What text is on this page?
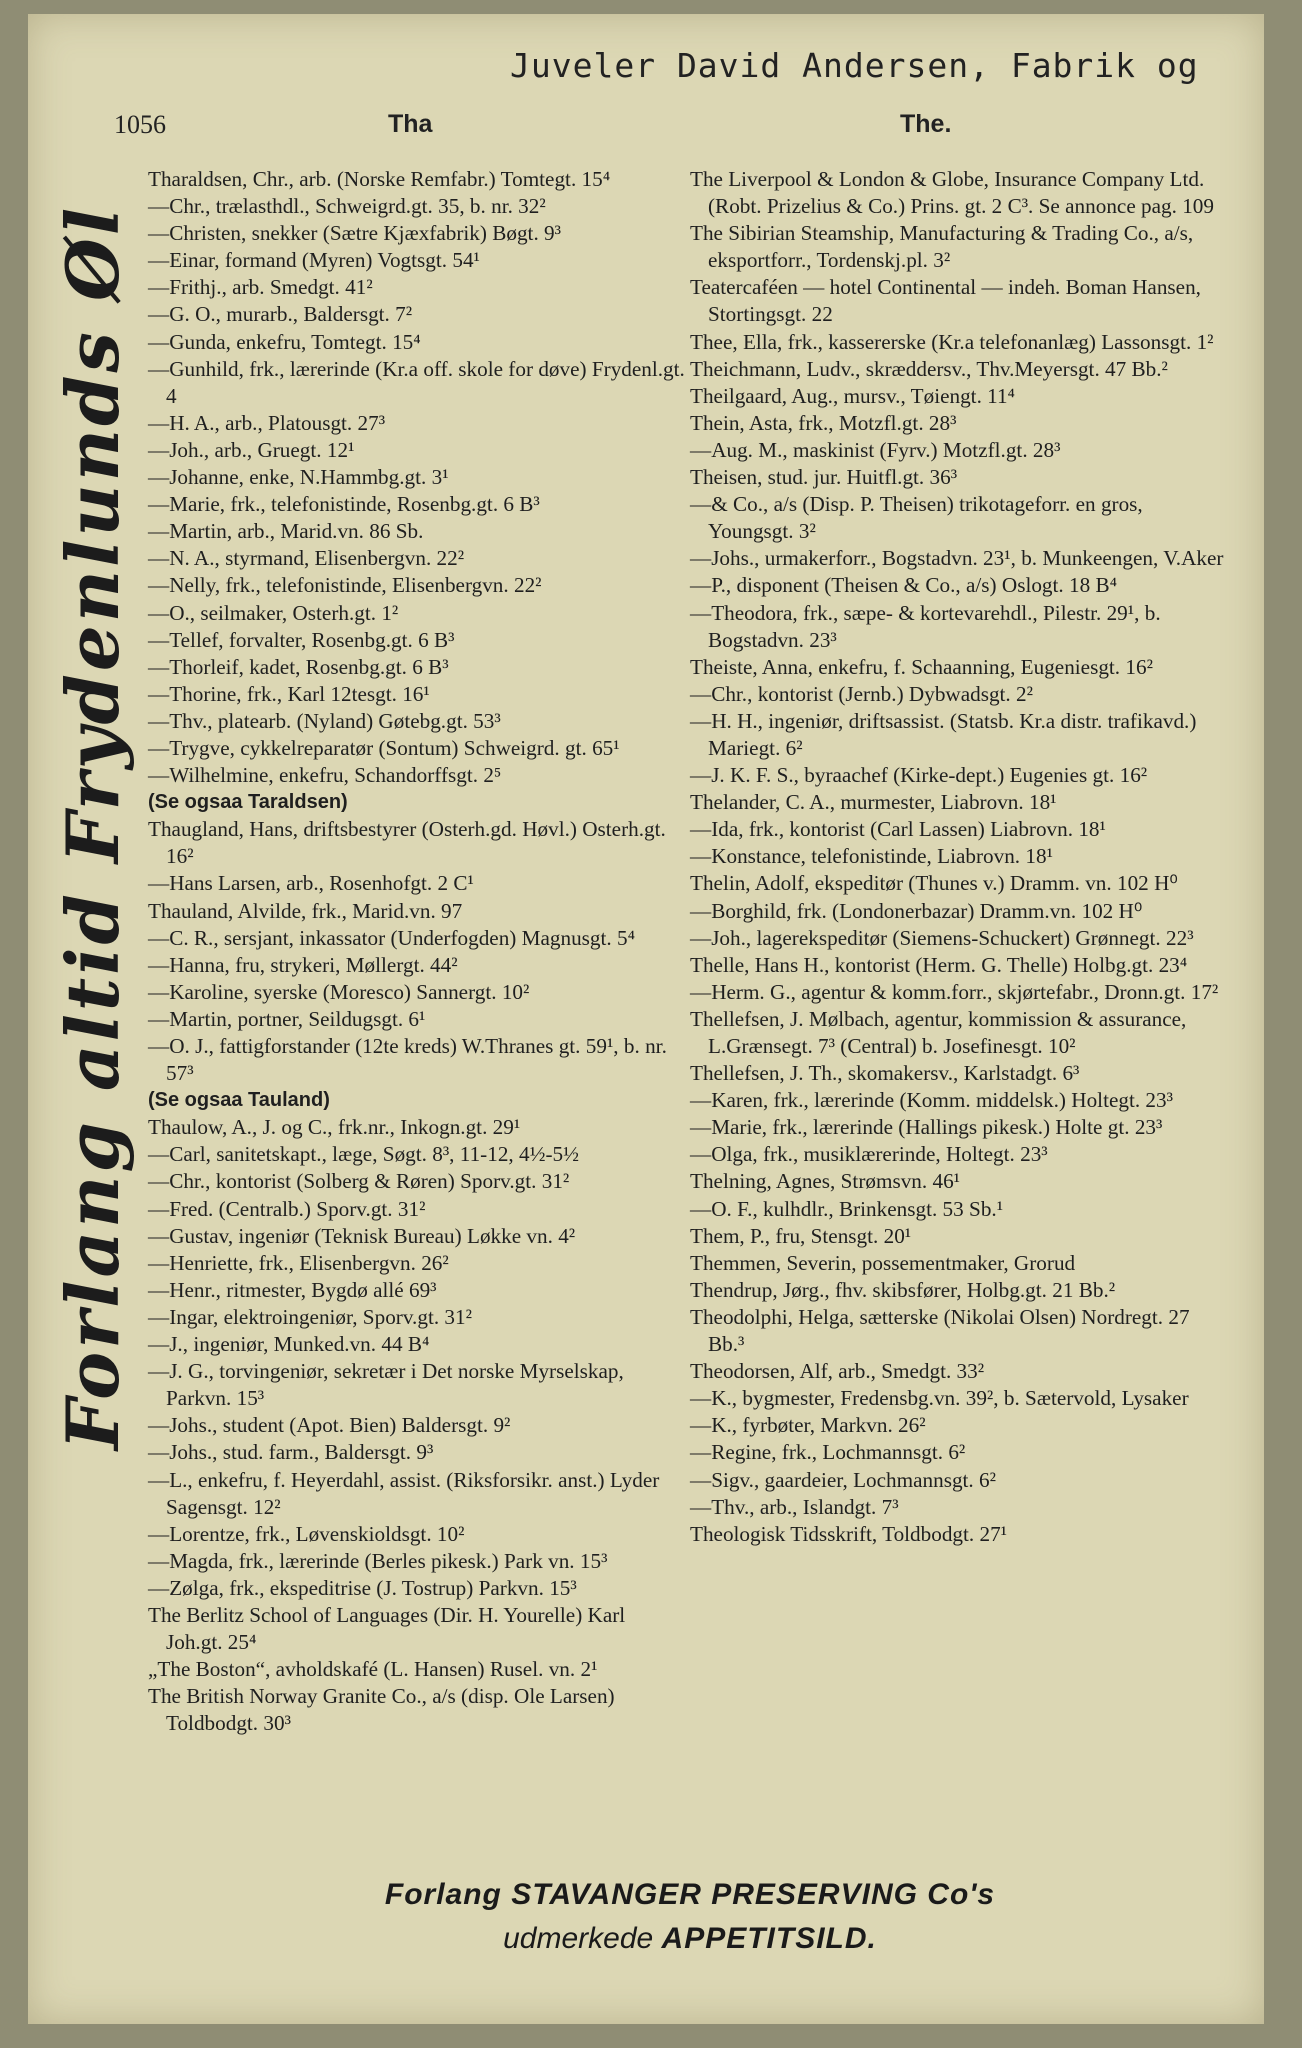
Juveler David Andersen, Fabrik og
1056	Tha	The.
Forlang altid Frydenlunds Øl

Tharaldsen, Chr., arb. (Norske Remfabr.) Tomtegt. 15⁴

—Chr., trælasthdl., Schweigrd.gt. 35, b. nr. 32²

—Christen, snekker (Sætre Kjæxfabrik) Bøgt. 9³

—Einar, formand (Myren) Vogtsgt. 54¹

—Frithj., arb. Smedgt. 41²

—G. O., murarb., Baldersgt. 7²

—Gunda, enkefru, Tomtegt. 15⁴

—Gunhild, frk., lærerinde (Kr.a off. skole for døve) Frydenl.gt. 4

—H. A., arb., Platousgt. 27³

—Joh., arb., Gruegt. 12¹

—Johanne, enke, N.Hammbg.gt. 3¹

—Marie, frk., telefonistinde, Rosenbg.gt. 6 B³

—Martin, arb., Marid.vn. 86 Sb.

—N. A., styrmand, Elisenbergvn. 22²

—Nelly, frk., telefonistinde, Elisenbergvn. 22²

—O., seilmaker, Osterh.gt. 1²

—Tellef, forvalter, Rosenbg.gt. 6 B³

—Thorleif, kadet, Rosenbg.gt. 6 B³

—Thorine, frk., Karl 12tesgt. 16¹

—Thv., platearb. (Nyland) Gøtebg.gt. 53³

—Trygve, cykkelreparatør (Sontum) Schweigrd. gt. 65¹

—Wilhelmine, enkefru, Schandorffsgt. 2⁵

(Se ogsaa Taraldsen)

Thaugland, Hans, driftsbestyrer (Osterh.gd. Høvl.) Osterh.gt. 16²

—Hans Larsen, arb., Rosenhofgt. 2 C¹

Thauland, Alvilde, frk., Marid.vn. 97

—C. R., sersjant, inkassator (Underfogden) Magnusgt. 5⁴

—Hanna, fru, strykeri, Møllergt. 44²

—Karoline, syerske (Moresco) Sannergt. 10²

—Martin, portner, Seildugsgt. 6¹

—O. J., fattigforstander (12te kreds) W.Thranes gt. 59¹, b. nr. 57³

(Se ogsaa Tauland)

Thaulow, A., J. og C., frk.nr., Inkogn.gt. 29¹

—Carl, sanitetskapt., læge, Søgt. 8³, 11-12, 4½-5½

—Chr., kontorist (Solberg & Røren) Sporv.gt. 31²

—Fred. (Centralb.) Sporv.gt. 31²

—Gustav, ingeniør (Teknisk Bureau) Løkke vn. 4²

—Henriette, frk., Elisenbergvn. 26²

—Henr., ritmester, Bygdø allé 69³

—Ingar, elektroingeniør, Sporv.gt. 31²

—J., ingeniør, Munked.vn. 44 B⁴

—J. G., torvingeniør, sekretær i Det norske Myrselskap, Parkvn. 15³

—Johs., student (Apot. Bien) Baldersgt. 9²

—Johs., stud. farm., Baldersgt. 9³

—L., enkefru, f. Heyerdahl, assist. (Riksforsikr. anst.) Lyder Sagensgt. 12²

—Lorentze, frk., Løvenskioldsgt. 10²

—Magda, frk., lærerinde (Berles pikesk.) Park vn. 15³

—Zølga, frk., ekspeditrise (J. Tostrup) Parkvn. 15³

The Berlitz School of Languages (Dir. H. Yourelle) Karl Joh.gt. 25⁴

„The Boston“, avholdskafé (L. Hansen) Rusel. vn. 2¹

The British Norway Granite Co., a/s (disp. Ole Larsen) Toldbodgt. 30³

The Liverpool & London & Globe, Insurance Company Ltd. (Robt. Prizelius & Co.) Prins. gt. 2 C³. Se annonce pag. 109

The Sibirian Steamship, Manufacturing & Trading Co., a/s, eksportforr., Tordenskj.pl. 3²

Teatercaféen — hotel Continental — indeh. Boman Hansen, Stortingsgt. 22

Thee, Ella, frk., kassererske (Kr.a telefonanlæg) Lassonsgt. 1²

Theichmann, Ludv., skræddersv., Thv.Meyersgt. 47 Bb.²

Theilgaard, Aug., mursv., Tøiengt. 11⁴

Thein, Asta, frk., Motzfl.gt. 28³

—Aug. M., maskinist (Fyrv.) Motzfl.gt. 28³

Theisen, stud. jur. Huitfl.gt. 36³

—& Co., a/s (Disp. P. Theisen) trikotageforr. en gros, Youngsgt. 3²

—Johs., urmakerforr., Bogstadvn. 23¹, b. Munkeengen, V.Aker

—P., disponent (Theisen & Co., a/s) Oslogt. 18 B⁴

—Theodora, frk., sæpe- & kortevarehdl., Pilestr. 29¹, b. Bogstadvn. 23³

Theiste, Anna, enkefru, f. Schaanning, Eugeniesgt. 16²

—Chr., kontorist (Jernb.) Dybwadsgt. 2²

—H. H., ingeniør, driftsassist. (Statsb. Kr.a distr. trafikavd.) Mariegt. 6²

—J. K. F. S., byraachef (Kirke-dept.) Eugenies gt. 16²

Thelander, C. A., murmester, Liabrovn. 18¹

—Ida, frk., kontorist (Carl Lassen) Liabrovn. 18¹

—Konstance, telefonistinde, Liabrovn. 18¹

Thelin, Adolf, ekspeditør (Thunes v.) Dramm. vn. 102 H⁰

—Borghild, frk. (Londonerbazar) Dramm.vn. 102 H⁰

—Joh., lagerekspeditør (Siemens-Schuckert) Grønnegt. 22³

Thelle, Hans H., kontorist (Herm. G. Thelle) Holbg.gt. 23⁴

—Herm. G., agentur & komm.forr., skjørtefabr., Dronn.gt. 17²

Thellefsen, J. Mølbach, agentur, kommission & assurance, L.Grænsegt. 7³ (Central) b. Josefinesgt. 10²

Thellefsen, J. Th., skomakersv., Karlstadgt. 6³

—Karen, frk., lærerinde (Komm. middelsk.) Holtegt. 23³

—Marie, frk., lærerinde (Hallings pikesk.) Holte gt. 23³

—Olga, frk., musiklærerinde, Holtegt. 23³

Thelning, Agnes, Strømsvn. 46¹

—O. F., kulhdlr., Brinkensgt. 53 Sb.¹

Them, P., fru, Stensgt. 20¹

Themmen, Severin, possementmaker, Grorud

Thendrup, Jørg., fhv. skibsfører, Holbg.gt. 21 Bb.²

Theodolphi, Helga, sætterske (Nikolai Olsen) Nordregt. 27 Bb.³

Theodorsen, Alf, arb., Smedgt. 33²

—K., bygmester, Fredensbg.vn. 39², b. Sætervold, Lysaker

—K., fyrbøter, Markvn. 26²

—Regine, frk., Lochmannsgt. 6²

—Sigv., gaardeier, Lochmannsgt. 6²

—Thv., arb., Islandgt. 7³

Theologisk Tidsskrift, Toldbodgt. 27¹

Forlang STAVANGER PRESERVING Co's
udmerkede APPETITSILD.
